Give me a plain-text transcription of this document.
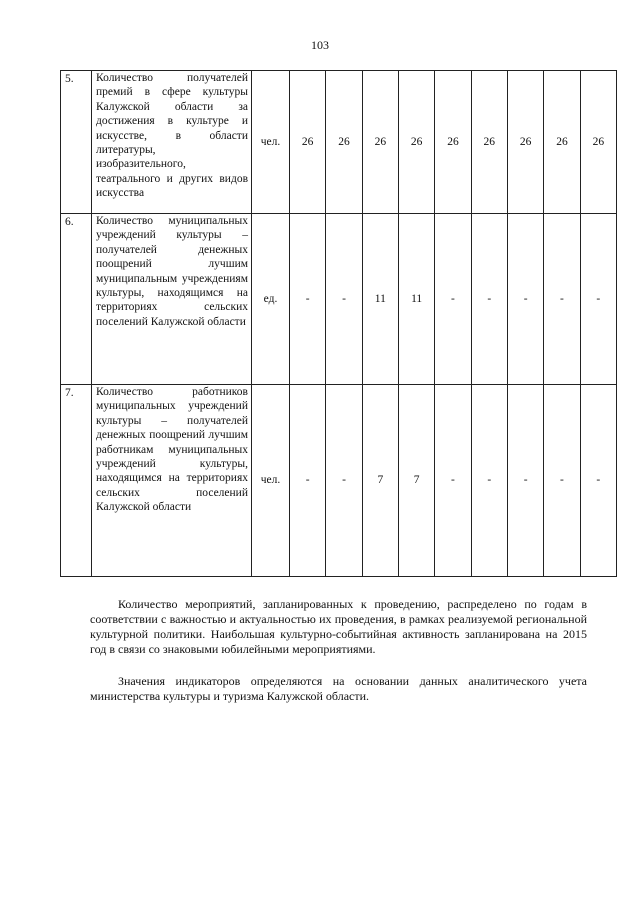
103
5.	Количество получателей премий в сфере культуры Калужской области за достижения в культуре и искусстве, в области литературы, изобразительного, театрального и других видов искусства	чел.	26	26	26	26	26	26	26	26	26
6.	Количество муниципальных учреждений культуры – получателей денежных поощрений лучшим муниципальным учреждениям культуры, находящимся на территориях сельских поселений Калужской области	ед.	-	-	11	11	-	-	-	-	-
7.	Количество работников муниципальных учреждений культуры – получателей денежных поощрений лучшим работникам муниципальных учреждений культуры, находящимся на территориях сельских поселений Калужской области	чел.	-	-	7	7	-	-	-	-	-

Количество мероприятий, запланированных к проведению, распределено по годам в соответствии с важностью и актуальностью их проведения, в рамках реализуемой региональной культурной политики. Наибольшая культурно-событийная активность запланирована на 2015 год в связи со знаковыми юбилейными мероприятиями.

Значения индикаторов определяются на основании данных аналитического учета министерства культуры и туризма Калужской области.
